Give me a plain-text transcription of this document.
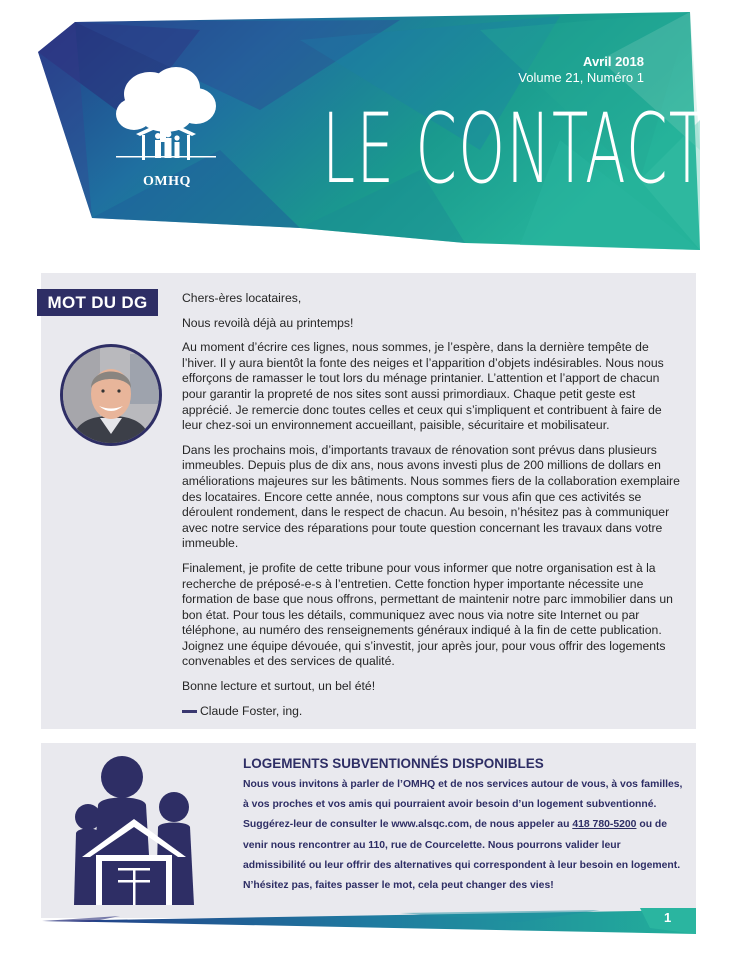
OMHQ
Avril 2018
Volume 21, Numéro 1
LE CONTACT
MOT DU DG	Chers-ères locataires,

Nous revoilà déjà au printemps!

Au moment d’écrire ces lignes, nous sommes, je l’espère, dans la dernière tempête de l’hiver. Il y aura bientôt la fonte des neiges et l’apparition d’objets indésirables. Nous nous efforçons de ramasser le tout lors du ménage printanier. L’attention et l’apport de chacun pour garantir la propreté de nos sites sont aussi primordiaux. Chaque petit geste est apprécié. Je remercie donc toutes celles et ceux qui s’impliquent et contribuent à faire de leur chez-soi un environnement accueillant, paisible, sécuritaire et mobilisateur.

Dans les prochains mois, d’importants travaux de rénovation sont prévus dans plusieurs immeubles. Depuis plus de dix ans, nous avons investi plus de 200 millions de dollars en améliorations majeures sur les bâtiments. Nous sommes fiers de la collaboration exemplaire des locataires. Encore cette année, nous comptons sur vous afin que ces activités se déroulent rondement, dans le respect de chacun. Au besoin, n’hésitez pas à communiquer avec notre service des réparations pour toute question concernant les travaux dans votre immeuble.

Finalement, je profite de cette tribune pour vous informer que notre organisation est à la recherche de préposé-e-s à l’entretien. Cette fonction hyper importante nécessite une formation de base que nous offrons, permettant de maintenir notre parc immobilier dans un bon état. Pour tous les détails, communiquez avec nous via notre site Internet ou par téléphone, au numéro des renseignements généraux indiqué à la fin de cette publication. Joignez une équipe dévouée, qui s’investit, jour après jour, pour vous offrir des logements convenables et des services de qualité.

Bonne lecture et surtout, un bel été!

Claude Foster, ing.
LOGEMENTS SUBVENTIONNÉS DISPONIBLES
Nous vous invitons à parler de l’OMHQ et de nos services autour de vous, à vos familles, à vos proches et vos amis qui pourraient avoir besoin d’un logement subventionné. Suggérez-leur de consulter le www.alsqc.com, de nous appeler au 418 780-5200 ou de venir nous rencontrer au 110, rue de Courcelette. Nous pourrons valider leur admissibilité ou leur offrir des alternatives qui correspondent à leur besoin en logement. N’hésitez pas, faites passer le mot, cela peut changer des vies!
1
